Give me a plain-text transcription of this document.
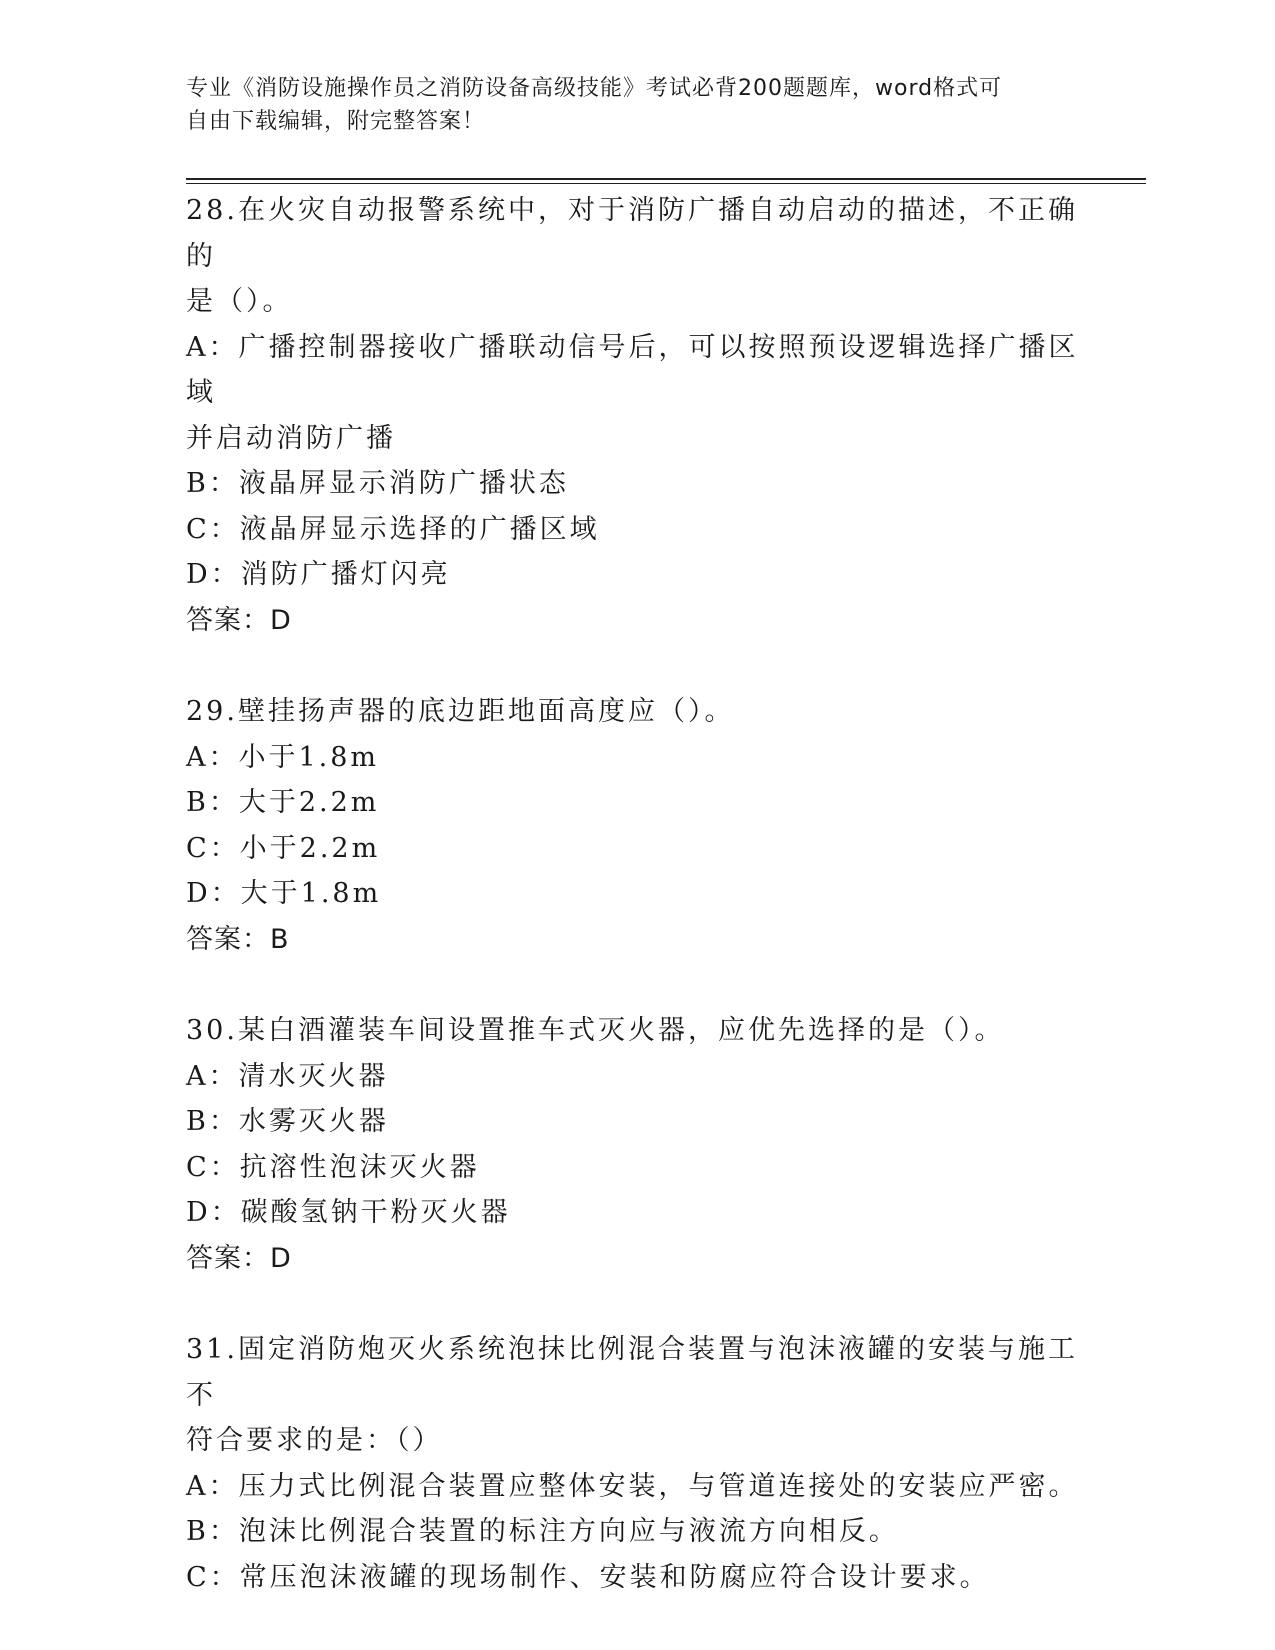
专业《消防设施操作员之消防设备高级技能》考试必背200题题库，word格式可
自由下载编辑，附完整答案！
28.在火灾自动报警系统中，对于消防广播自动启动的描述，不正确的
是（）。
A：广播控制器接收广播联动信号后，可以按照预设逻辑选择广播区域
并启动消防广播
B：液晶屏显示消防广播状态
C：液晶屏显示选择的广播区域
D：消防广播灯闪亮
答案：D
29.壁挂扬声器的底边距地面高度应（）。
A：小于1.8m
B：大于2.2m
C：小于2.2m
D：大于1.8m
答案：B
30.某白酒灌装车间设置推车式灭火器，应优先选择的是（）。
A：清水灭火器
B：水雾灭火器
C：抗溶性泡沫灭火器
D：碳酸氢钠干粉灭火器
答案：D
31.固定消防炮灭火系统泡抹比例混合装置与泡沫液罐的安装与施工不
符合要求的是：（）
A：压力式比例混合装置应整体安装，与管道连接处的安装应严密。
B：泡沫比例混合装置的标注方向应与液流方向相反。
C：常压泡沫液罐的现场制作、安装和防腐应符合设计要求。
